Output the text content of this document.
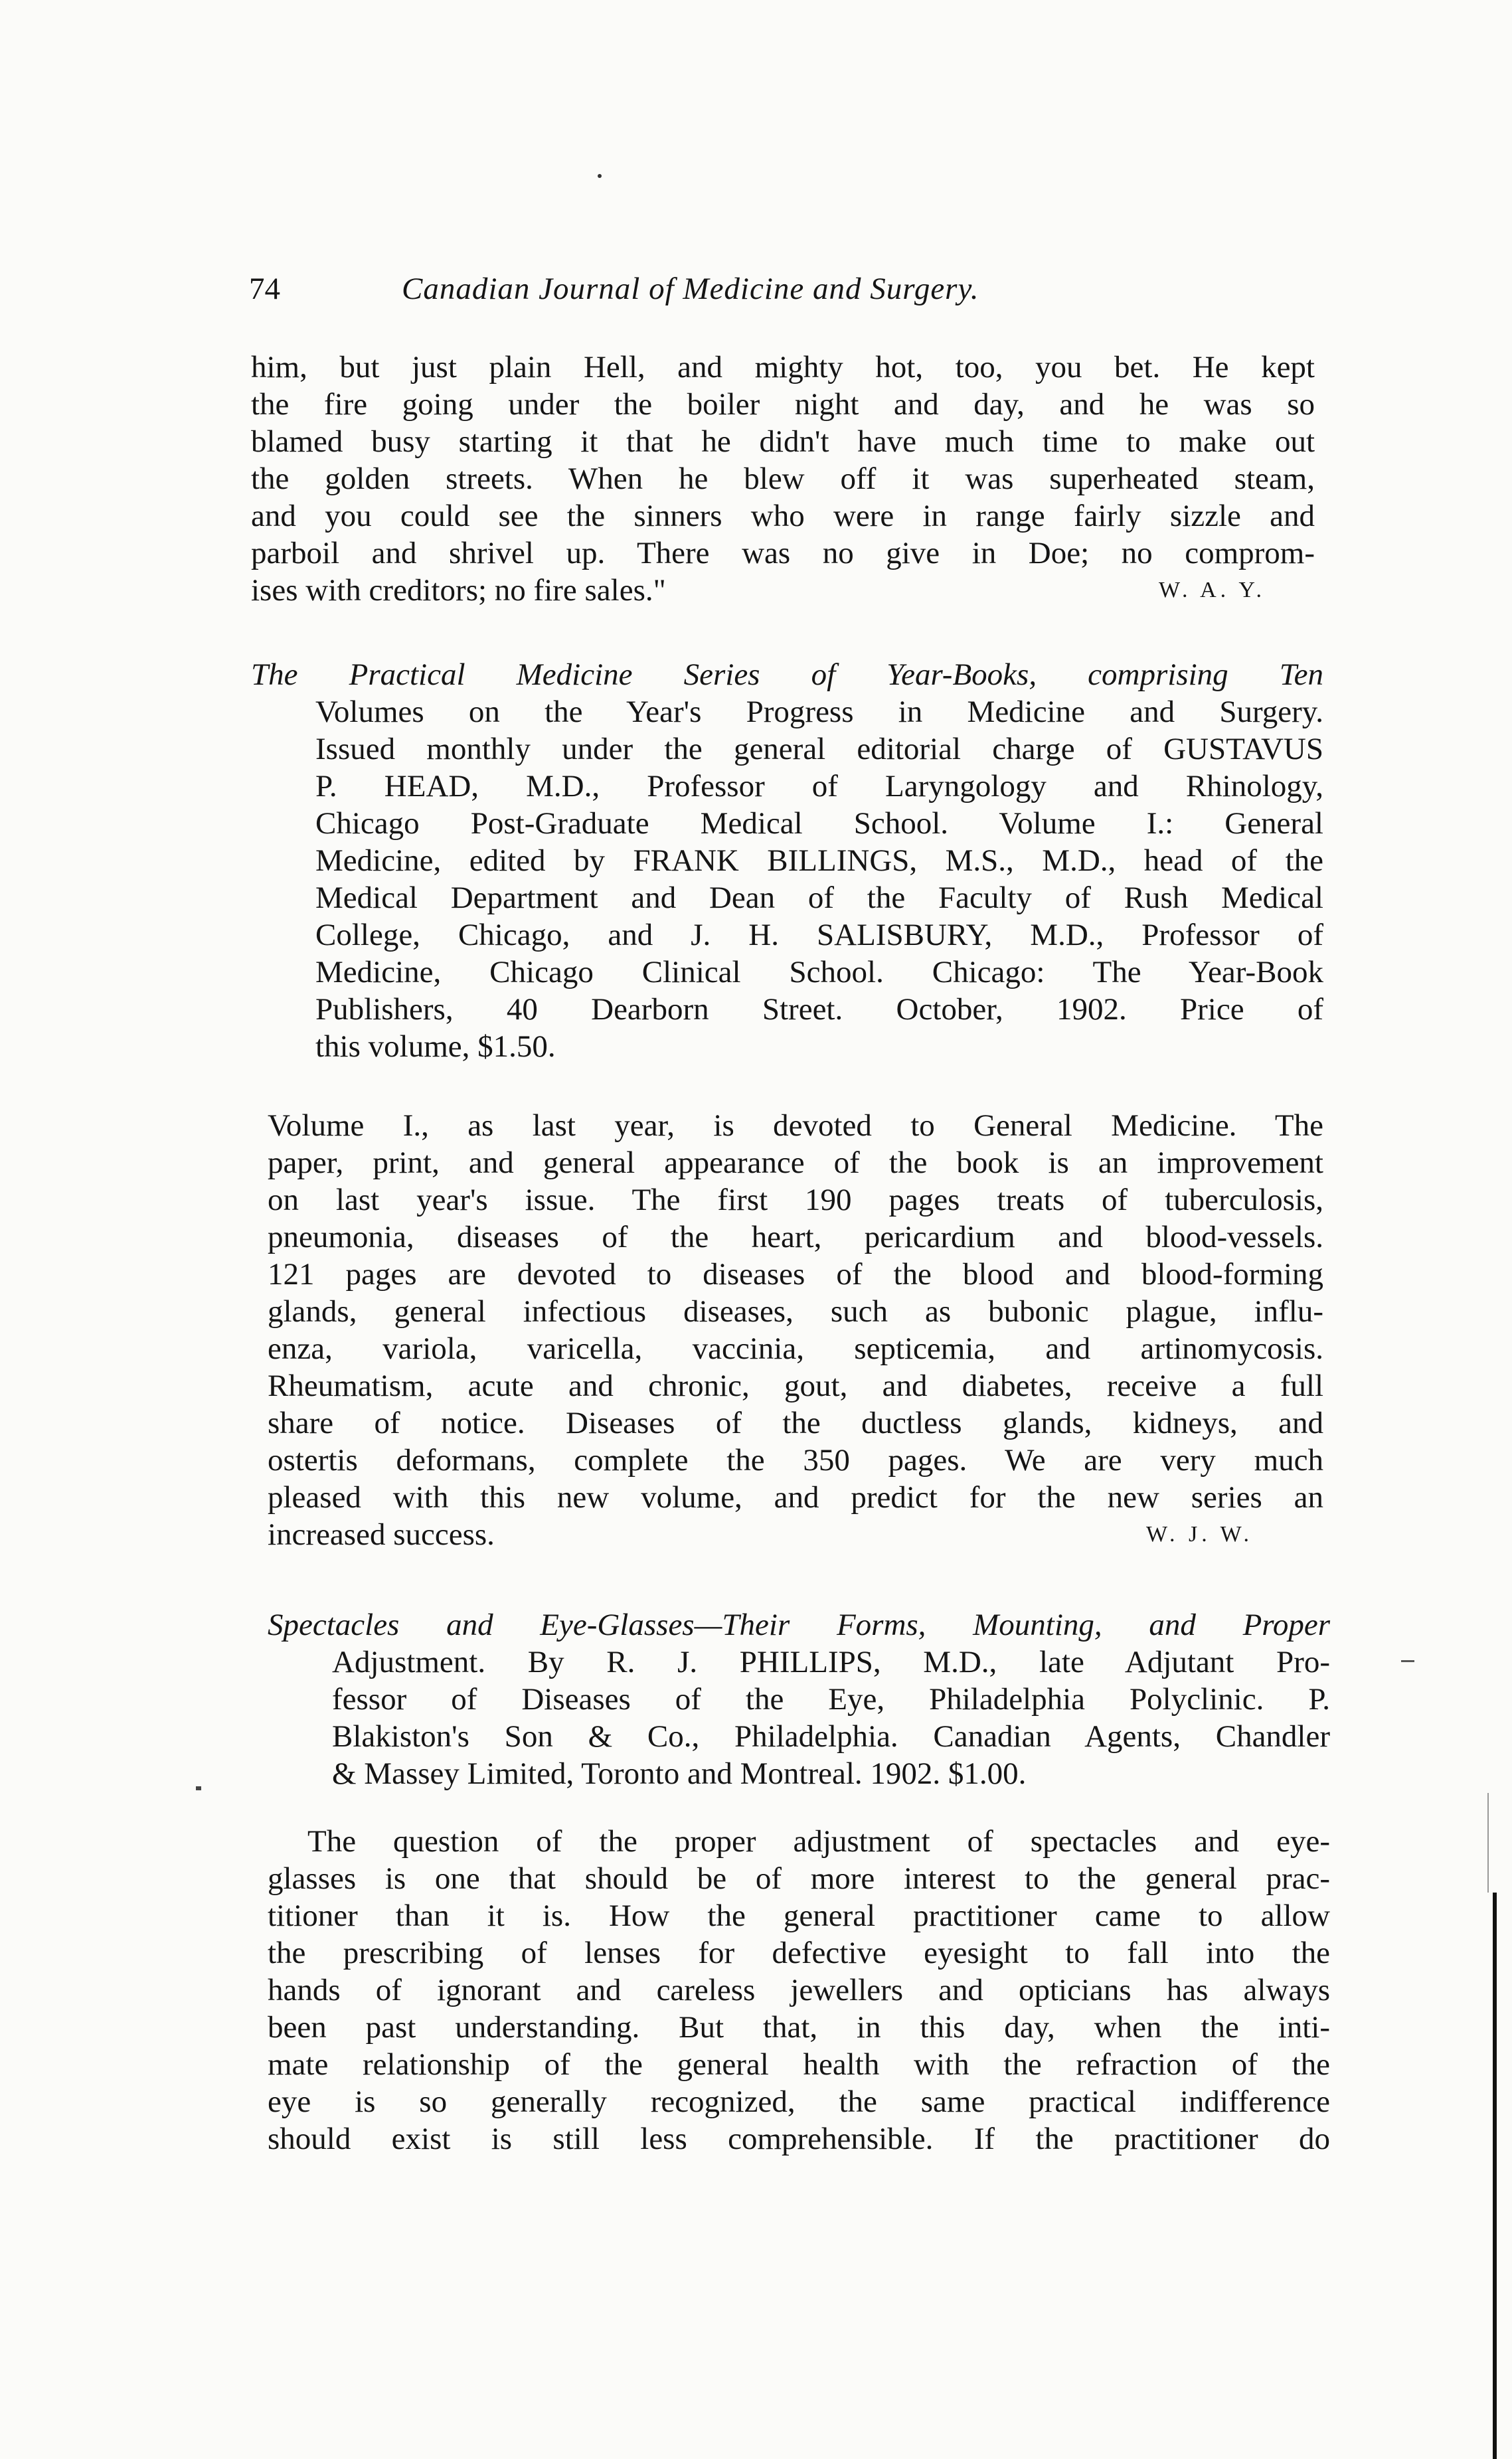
74	Canadian Journal of Medicine and Surgery.
him, but just plain Hell, and mighty hot, too, you bet. He kept
the fire going under the boiler night and day, and he was so
blamed busy starting it that he didn't have much time to make out
the golden streets. When he blew off it was superheated steam,
and you could see the sinners who were in range fairly sizzle and
parboil and shrivel up. There was no give in Doe; no comprom-
ises with creditors; no fire sales."	W. A. Y.
The Practical Medicine Series of Year-Books, comprising Ten
Volumes on the Year's Progress in Medicine and Surgery.
Issued monthly under the general editorial charge of GUSTAVUS
P. HEAD, M.D., Professor of Laryngology and Rhinology,
Chicago Post-Graduate Medical School. Volume I.: General
Medicine, edited by FRANK BILLINGS, M.S., M.D., head of the
Medical Department and Dean of the Faculty of Rush Medical
College, Chicago, and J. H. SALISBURY, M.D., Professor of
Medicine, Chicago Clinical School. Chicago: The Year-Book
Publishers, 40 Dearborn Street. October, 1902. Price of
this volume, $1.50.
Volume I., as last year, is devoted to General Medicine. The
paper, print, and general appearance of the book is an improvement
on last year's issue. The first 190 pages treats of tuberculosis,
pneumonia, diseases of the heart, pericardium and blood-vessels.
121 pages are devoted to diseases of the blood and blood-forming
glands, general infectious diseases, such as bubonic plague, influ-
enza, variola, varicella, vaccinia, septicemia, and artinomycosis.
Rheumatism, acute and chronic, gout, and diabetes, receive a full
share of notice. Diseases of the ductless glands, kidneys, and
ostertis deformans, complete the 350 pages. We are very much
pleased with this new volume, and predict for the new series an
increased success.	W. J. W.
Spectacles and Eye-Glasses—Their Forms, Mounting, and Proper
Adjustment. By R. J. PHILLIPS, M.D., late Adjutant Pro-
fessor of Diseases of the Eye, Philadelphia Polyclinic. P.
Blakiston's Son & Co., Philadelphia. Canadian Agents, Chandler
& Massey Limited, Toronto and Montreal. 1902. $1.00.
The question of the proper adjustment of spectacles and eye-
glasses is one that should be of more interest to the general prac-
titioner than it is. How the general practitioner came to allow
the prescribing of lenses for defective eyesight to fall into the
hands of ignorant and careless jewellers and opticians has always
been past understanding. But that, in this day, when the inti-
mate relationship of the general health with the refraction of the
eye is so generally recognized, the same practical indifference
should exist is still less comprehensible. If the practitioner do
